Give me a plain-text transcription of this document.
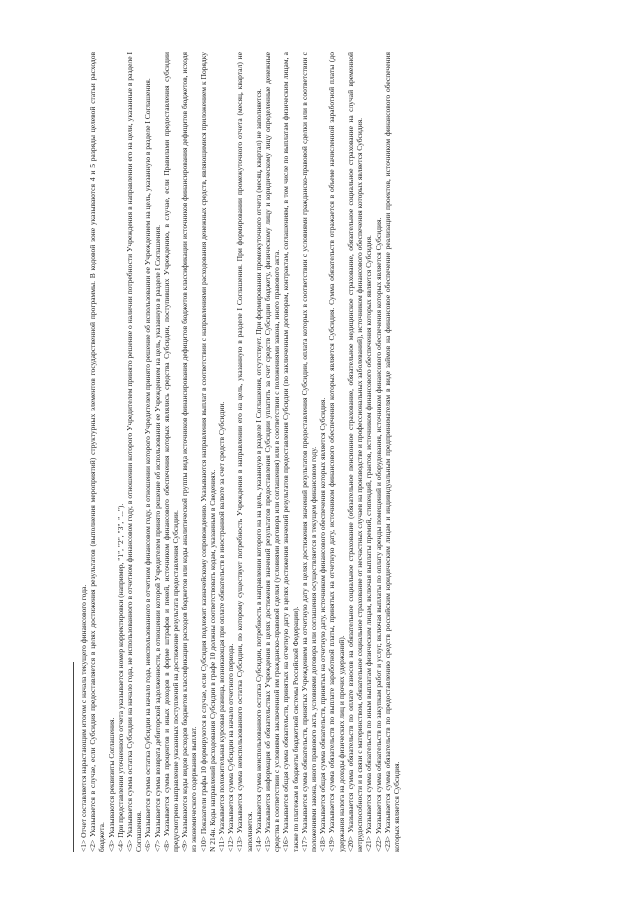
<1> Отчет составляется нарастающим итогом с начала текущего финансового года. <2> Указывается в случае, если Субсидия предоставляется в целях достижения результатов (выполнения мероприятий) структурных элементов государственной программы. В кодовой зоне указываются 4 и 5 разряды целевой статьи расходов бюджета. <3> Указываются реквизиты Соглашения. <4> При представлении уточненного отчета указывается номер корректировки (например, "1", "2", "3", "..."). <5> Указывается сумма остатка Субсидии на начало года, не использованного в отчетном финансовом году, в отношении которого Учредителем принято решение о наличии потребности Учреждения в направлении его на цели, указанные в разделе I Соглашения. <6> Указывается сумма остатка Субсидии на начало года, неиспользованного в отчетном финансовом году, в отношении которого Учредителем принято решение об использовании ее Учреждением на цель, указанную в разделе I Соглашения. <7> Указывается сумма возврата дебиторской задолженности, в отношении которой Учредителем принято решение об использовании ее Учреждением на цель, указанную в разделе I Соглашения. <8> Указывается сумма процентов и иных доходов в форме штрафов и пеней, источником финансового обеспечения которых являлись средства Субсидии, поступивших Учреждению, в случае, если Правилами предоставления субсидии предусмотрено направление указанных поступлений на достижение результата предоставления Субсидии. <9> Указываются коды видов расходов бюджетов классификации расходов бюджетов или коды аналитической группы вида источников финансирования дефицитов бюджетов классификации источников финансирования дефицитов бюджетов, исходя из экономического содержания выплат. <10> Показатели графы 10 формируются в случае, если Субсидия подлежит казначейскому сопровождению. Указываются направления выплат в соответствии с направлениями расходования денежных средств, являющимися приложением к Порядку N 214н. Коды направлений расходования Субсидии в графе 10 должны соответствовать кодам, указанным в Сведениях. <11> Указывается положительная курсовая разница, возникающая при оплате обязательств в иностранной валюте за счет средств Субсидии. <12> Указывается сумма Субсидии на начало отчетного периода. <13> Указывается сумма неиспользованного остатка Субсидии, по которому существует потребность Учреждения в направлении его на цель, указанную в разделе I Соглашения. При формировании промежуточного отчета (месяц, квартал) не заполняется. <14> Указывается сумма неиспользованного остатка Субсидии, потребность в направлении которого на на цель, указанную в разделе I Соглашения, отсутствует. При формировании промежуточного отчета (месяц, квартал) не заполняется. <15> Указывается информация об обязательствах Учреждения в целях достижения значений результатов предоставления Субсидии уплатить за счет средств Субсидии бюджету, физическому лицу и юридическому лицу определенные денежные средства в соответствии с условиями заключенной им гражданско-правовой сделки (условиями договора или соглашения) или в соответствии с положениями закона, иного правового акта. <16> Указывается общая сумма обязательств, принятых на отчетную дату в целях достижения значений результатов предоставления Субсидии (по заключенным договорам, контрактам, соглашениям, в том числе по выплатам физическим лицам, а также по платежам в бюджеты бюджетной системы Российской Федерации). <17> Указывается сумма обязательств, принятых Учреждением на отчетную дату в целях достижения значений результатов предоставления Субсидии, оплата которых в соответствии с условиями гражданско-правовой сделки или в соответствии с положениями закона, иного правового акта, условиями договора или соглашения осуществляется в текущем финансовом году. <18> Указывается общая сумма обязательств, принятых на отчетную дату, источником финансового обеспечения которых является Субсидия. <19> Указывается сумма обязательств по выплате заработной платы, принятых на отчетную дату, источником финансового обеспечения которых является Субсидия. Сумма обязательств отражается в объеме начисленной заработной платы (до удержания налога на доходы физических лиц и прочих удержаний). <20> Указывается сумма обязательств по оплате взносов на обязательное социальное страхование (обязательное пенсионное страхование, обязательное медицинское страхование, обязательное социальное страхование на случай временной нетрудоспособности и в связи с материнством, обязательное социальное страхование от несчастных случаев на производстве и профессиональных заболеваний), источником финансового обеспечения которых является Субсидия. <21> Указывается сумма обязательств по иным выплатам физическим лицам, включая выплаты премий, стипендий, грантов, источником финансового обеспечения которых является Субсидия. <22> Указывается сумма обязательств по закупкам работ и услуг, включая выплаты по оплату аренды помещений и оборудования, источником финансового обеспечения которых является Субсидия. <23> Указывается сумма обязательств по предоставлению средств российским юридическим лицам и индивидуальным предпринимателям в виде займов на финансовое обеспечение реализации проектов, источником финансового обеспечения которых является Субсидия.
